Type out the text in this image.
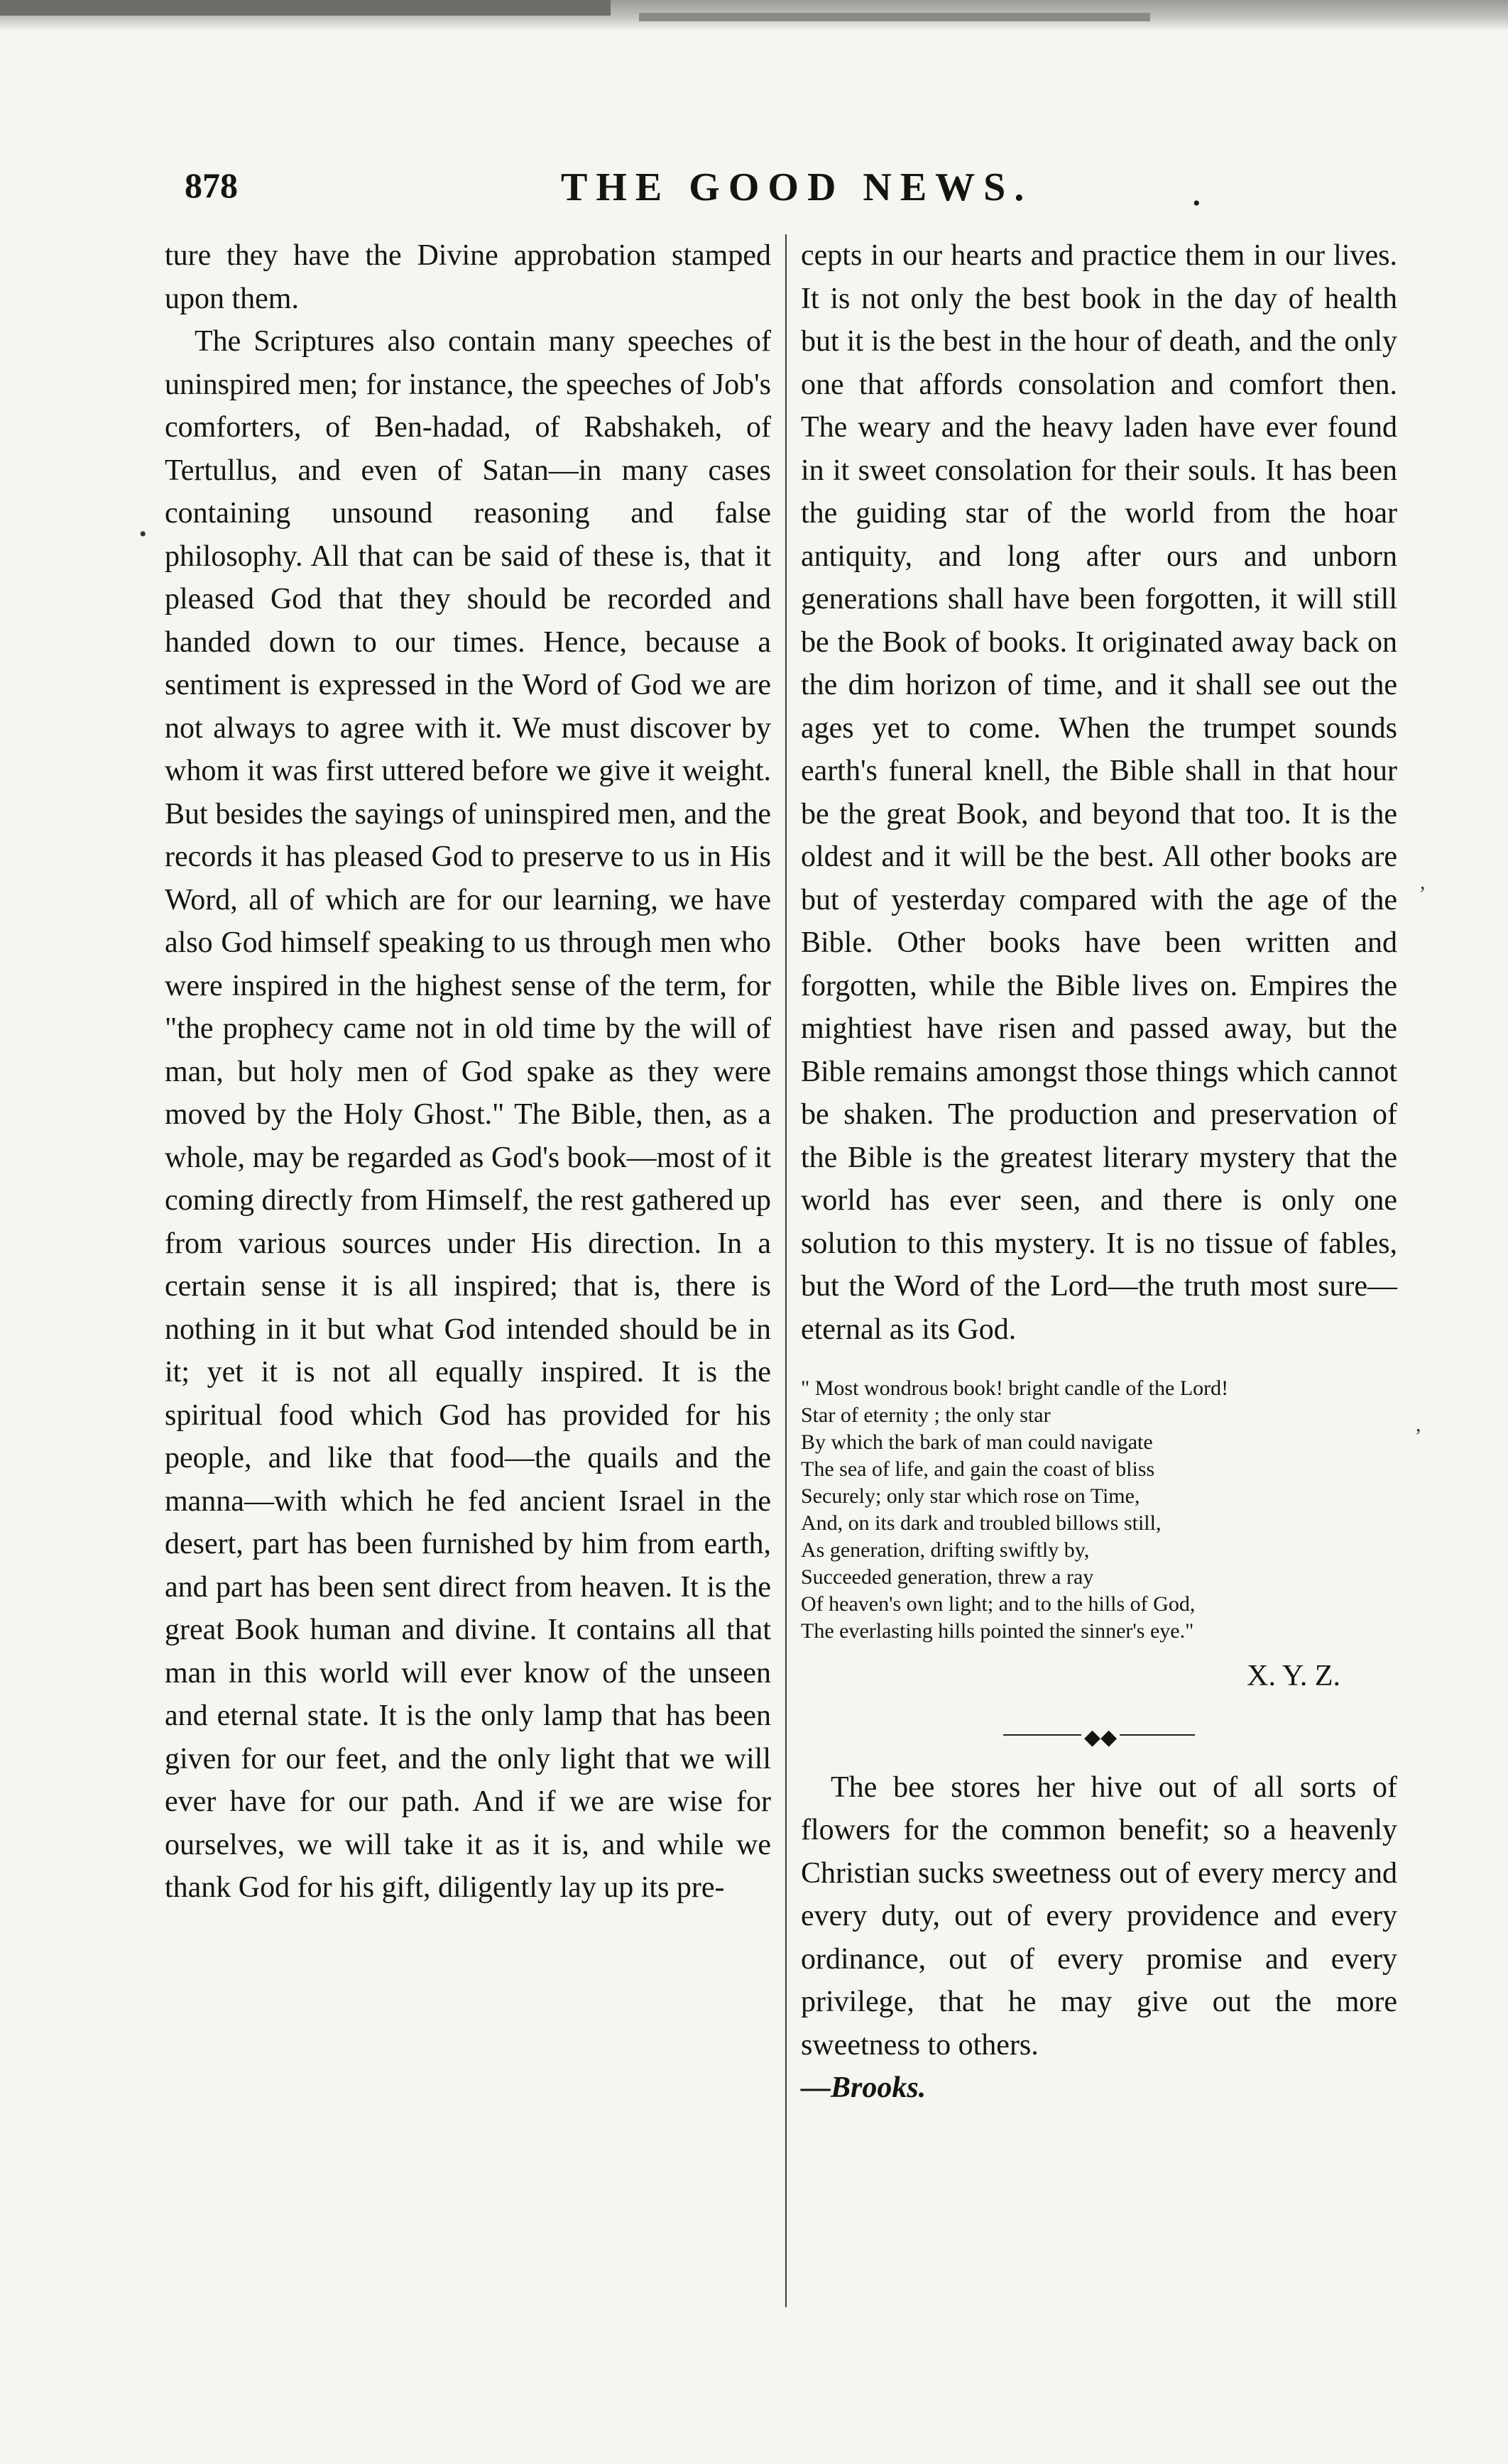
878	THE GOOD NEWS.	•

ture they have the Divine approbation stamped upon them.

The Scriptures also contain many speeches of uninspired men; for instance, the speeches of Job's comforters, of Ben-hadad, of Rabshakeh, of Tertullus, and even of Satan—in many cases containing unsound reasoning and false philosophy. All that can be said of these is, that it pleased God that they should be recorded and handed down to our times. Hence, because a sentiment is expressed in the Word of God we are not always to agree with it. We must discover by whom it was first uttered before we give it weight. But besides the sayings of uninspired men, and the records it has pleased God to preserve to us in His Word, all of which are for our learning, we have also God himself speaking to us through men who were inspired in the highest sense of the term, for "the prophecy came not in old time by the will of man, but holy men of God spake as they were moved by the Holy Ghost." The Bible, then, as a whole, may be regarded as God's book—most of it coming directly from Himself, the rest gathered up from various sources under His direction. In a certain sense it is all inspired; that is, there is nothing in it but what God intended should be in it; yet it is not all equally inspired. It is the spiritual food which God has provided for his people, and like that food—the quails and the manna—with which he fed ancient Israel in the desert, part has been furnished by him from earth, and part has been sent direct from heaven. It is the great Book human and divine. It contains all that man in this world will ever know of the unseen and eternal state. It is the only lamp that has been given for our feet, and the only light that we will ever have for our path. And if we are wise for ourselves, we will take it as it is, and while we thank God for his gift, diligently lay up its pre-

cepts in our hearts and practice them in our lives. It is not only the best book in the day of health but it is the best in the hour of death, and the only one that affords consolation and comfort then. The weary and the heavy laden have ever found in it sweet consolation for their souls. It has been the guiding star of the world from the hoar antiquity, and long after ours and unborn generations shall have been forgotten, it will still be the Book of books. It originated away back on the dim horizon of time, and it shall see out the ages yet to come. When the trumpet sounds earth's funeral knell, the Bible shall in that hour be the great Book, and beyond that too. It is the oldest and it will be the best. All other books are but of yesterday compared with the age of the Bible. Other books have been written and forgotten, while the Bible lives on. Empires the mightiest have risen and passed away, but the Bible remains amongst those things which cannot be shaken. The production and preservation of the Bible is the greatest literary mystery that the world has ever seen, and there is only one solution to this mystery. It is no tissue of fables, but the Word of the Lord—the truth most sure—eternal as its God.

" Most wondrous book! bright candle of the Lord!
Star of eternity ; the only star
By which the bark of man could navigate
The sea of life, and gain the coast of bliss
Securely; only star which rose on Time,
And, on its dark and troubled billows still,
As generation, drifting swiftly by,
Succeeded generation, threw a ray
Of heaven's own light; and to the hills of God,
The everlasting hills pointed the sinner's eye."
X. Y. Z.
◆◆

The bee stores her hive out of all sorts of flowers for the common benefit; so a heavenly Christian sucks sweetness out of every mercy and every duty, out of every providence and every ordinance, out of every promise and every privilege, that he may give out the more sweetness to others.
—Brooks.

•
,
,
